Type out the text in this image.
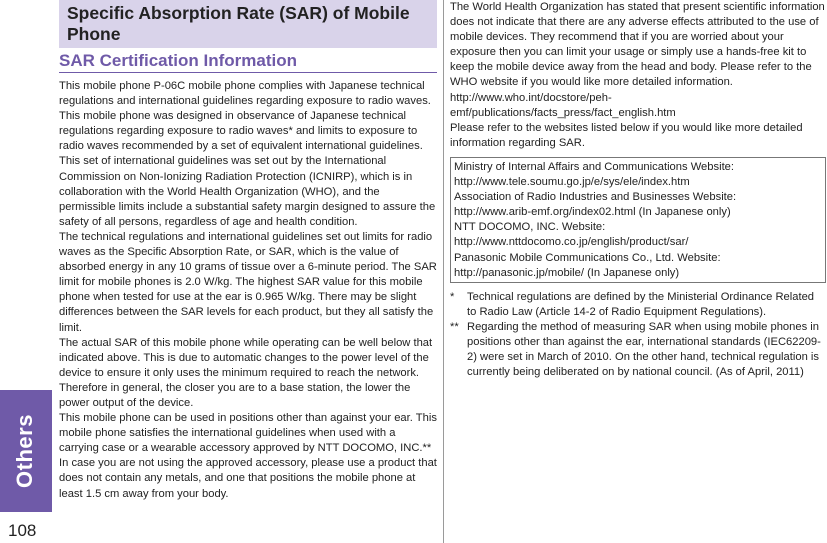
Others
108
Specific Absorption Rate (SAR) of Mobile Phone
SAR Certification Information

This mobile phone P-06C mobile phone complies with Japanese technical regulations and international guidelines regarding exposure to radio waves.

This mobile phone was designed in observance of Japanese technical regulations regarding exposure to radio waves* and limits to exposure to radio waves recommended by a set of equivalent international guidelines. This set of international guidelines was set out by the International Commission on Non-Ionizing Radiation Protection (ICNIRP), which is in collaboration with the World Health Organization (WHO), and the permissible limits include a substantial safety margin designed to assure the safety of all persons, regardless of age and health condition.

The technical regulations and international guidelines set out limits for radio waves as the Specific Absorption Rate, or SAR, which is the value of absorbed energy in any 10 grams of tissue over a 6-minute period. The SAR limit for mobile phones is 2.0 W/kg. The highest SAR value for this mobile phone when tested for use at the ear is 0.965 W/kg. There may be slight differences between the SAR levels for each product, but they all satisfy the limit.

The actual SAR of this mobile phone while operating can be well below that indicated above. This is due to automatic changes to the power level of the device to ensure it only uses the minimum required to reach the network. Therefore in general, the closer you are to a base station, the lower the power output of the device.

This mobile phone can be used in positions other than against your ear. This mobile phone satisfies the international guidelines when used with a carrying case or a wearable accessory approved by NTT DOCOMO, INC.** In case you are not using the approved accessory, please use a product that does not contain any metals, and one that positions the mobile phone at least 1.5 cm away from your body.

The World Health Organization has stated that present scientific information does not indicate that there are any adverse effects attributed to the use of mobile devices. They recommend that if you are worried about your exposure then you can limit your usage or simply use a hands-free kit to keep the mobile device away from the head and body. Please refer to the WHO website if you would like more detailed information.

http://www.who.int/docstore/peh-emf/publications/facts_press/fact_english.htm

Please refer to the websites listed below if you would like more detailed information regarding SAR.

Ministry of Internal Affairs and Communications Website:
http://www.tele.soumu.go.jp/e/sys/ele/index.htm
Association of Radio Industries and Businesses Website:
http://www.arib-emf.org/index02.html (In Japanese only)
NTT DOCOMO, INC. Website:
http://www.nttdocomo.co.jp/english/product/sar/
Panasonic Mobile Communications Co., Ltd. Website:
http://panasonic.jp/mobile/ (In Japanese only)
*	Technical regulations are defined by the Ministerial Ordinance Related to Radio Law (Article 14-2 of Radio Equipment Regulations).
** Regarding the method of measuring SAR when using mobile phones in positions other than against the ear, international standards (IEC62209-2) were set in March of 2010. On the other hand, technical regulation is currently being deliberated on by national council. (As of April, 2011)
